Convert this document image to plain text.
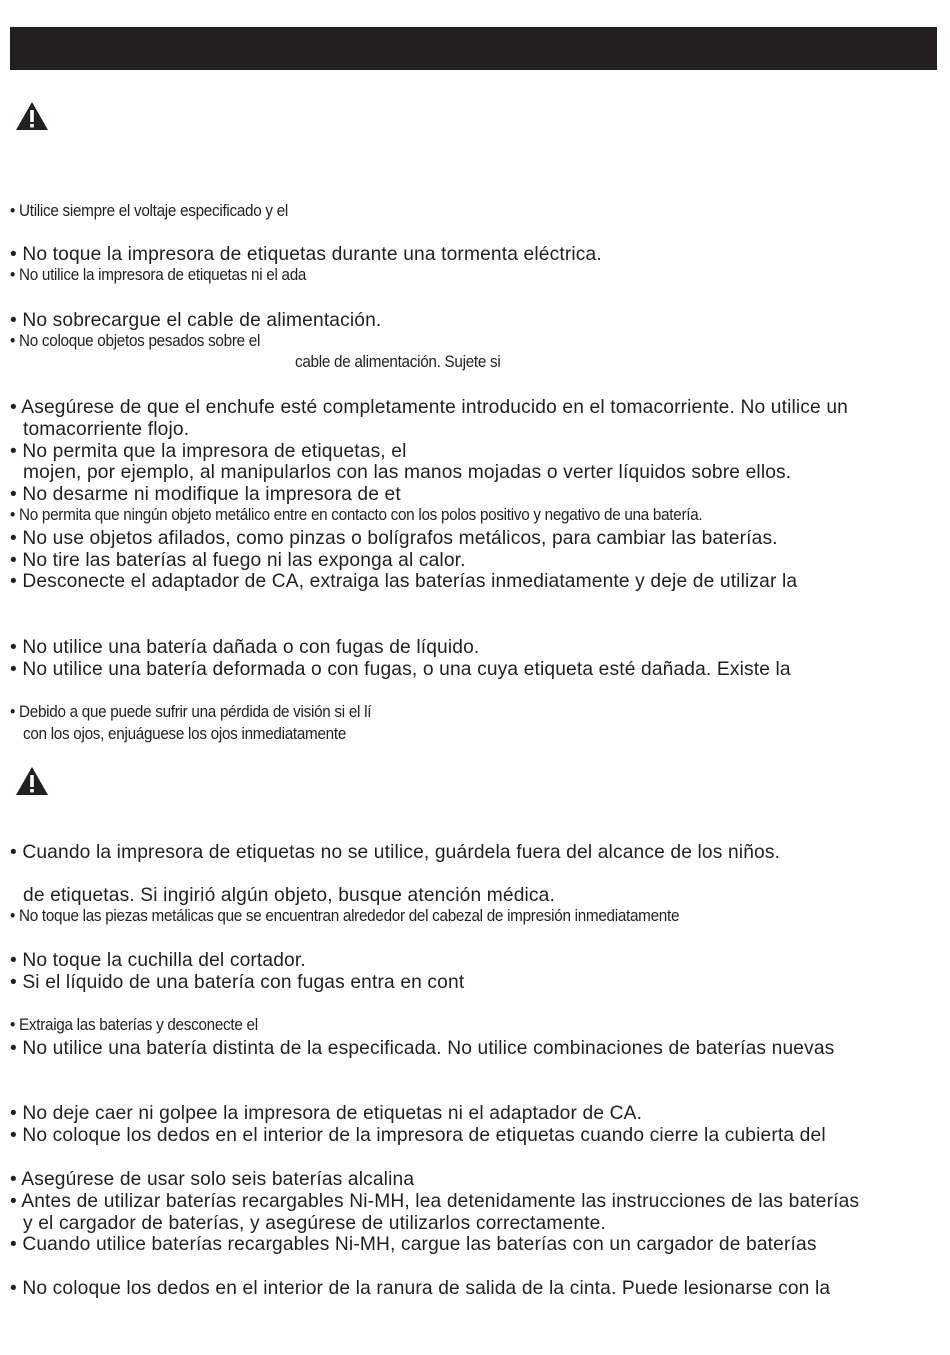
• Utilice siempre el voltaje especificado y el
• No toque la impresora de etiquetas durante una tormenta eléctrica.
• No utilice la impresora de etiquetas ni el ada
• No sobrecargue el cable de alimentación.
• No coloque objetos pesados sobre el
cable de alimentación. Sujete si
• Asegúrese de que el enchufe esté completamente introducido en el tomacorriente. No utilice un
tomacorriente flojo.
• No permita que la impresora de etiquetas, el
mojen, por ejemplo, al manipularlos con las manos mojadas o verter líquidos sobre ellos.
• No desarme ni modifique la impresora de et
• No permita que ningún objeto metálico entre en contacto con los polos positivo y negativo de una batería.
• No use objetos afilados, como pinzas o bolígrafos metálicos, para cambiar las baterías.
• No tire las baterías al fuego ni las exponga al calor.
• Desconecte el adaptador de CA, extraiga las baterías inmediatamente y deje de utilizar la
• No utilice una batería dañada o con fugas de líquido.
• No utilice una batería deformada o con fugas, o una cuya etiqueta esté dañada. Existe la
• Debido a que puede sufrir una pérdida de visión si el lí
con los ojos, enjuáguese los ojos inmediatamente
• Cuando la impresora de etiquetas no se utilice, guárdela fuera del alcance de los niños.
de etiquetas. Si ingirió algún objeto, busque atención médica.
• No toque las piezas metálicas que se encuentran alrededor del cabezal de impresión inmediatamente
• No toque la cuchilla del cortador.
• Si el líquido de una batería con fugas entra en cont
• Extraiga las baterías y desconecte el
• No utilice una batería distinta de la especificada. No utilice combinaciones de baterías nuevas
• No deje caer ni golpee la impresora de etiquetas ni el adaptador de CA.
• No coloque los dedos en el interior de la impresora de etiquetas cuando cierre la cubierta del
• Asegúrese de usar solo seis baterías alcalina
• Antes de utilizar baterías recargables Ni-MH, lea detenidamente las instrucciones de las baterías
y el cargador de baterías, y asegúrese de utilizarlos correctamente.
• Cuando utilice baterías recargables Ni-MH, cargue las baterías con un cargador de baterías
• No coloque los dedos en el interior de la ranura de salida de la cinta. Puede lesionarse con la
